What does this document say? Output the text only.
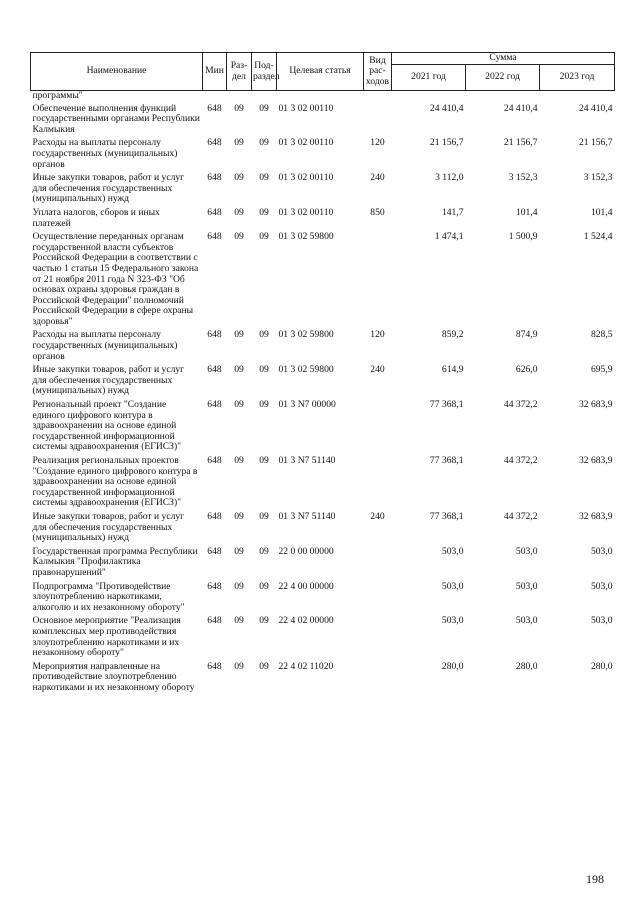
Наименование	Мин	Раз-дел	Под-раздел	Целевая статья	Вид рас-ходов	Сумма		
						2021 год	2022 год	2023 год
программы"								
Обеспечение выполнения функций государственными органами Республики Калмыкия	648	09	09	01 3 02 00110		24 410,4	24 410,4	24 410,4
Расходы на выплаты персоналу государственных (муниципальных) органов	648	09	09	01 3 02 00110	120	21 156,7	21 156,7	21 156,7
Иные закупки товаров, работ и услуг для обеспечения государственных (муниципальных) нужд	648	09	09	01 3 02 00110	240	3 112,0	3 152,3	3 152,3
Уплата налогов, сборов и иных платежей	648	09	09	01 3 02 00110	850	141,7	101,4	101,4
Осуществление переданных органам государственной власти субъектов Российской Федерации в соответствии с частью 1 статьи 15 Федерального закона от 21 ноября 2011 года N 323-ФЗ "Об основах охраны здоровья граждан в Российской Федерации" полномочий Российской Федерации в сфере охраны здоровья"	648	09	09	01 3 02 59800		1 474,1	1 500,9	1 524,4
Расходы на выплаты персоналу государственных (муниципальных) органов	648	09	09	01 3 02 59800	120	859,2	874,9	828,5
Иные закупки товаров, работ и услуг для обеспечения государственных (муниципальных) нужд	648	09	09	01 3 02 59800	240	614,9	626,0	695,9
Региональный проект "Создание единого цифрового контура в здравоохранении на основе единой государственной информационной системы здравоохранения (ЕГИСЗ)"	648	09	09	01 3 N7 00000		77 368,1	44 372,2	32 683,9
Реализация региональных проектов "Создание единого цифрового контура в здравоохранении на основе единой государственной информационной системы здравоохранения (ЕГИСЗ)"	648	09	09	01 3 N7 51140		77 368,1	44 372,2	32 683,9
Иные закупки товаров, работ и услуг для обеспечения государственных (муниципальных) нужд	648	09	09	01 3 N7 51140	240	77 368,1	44 372,2	32 683,9
Государственная программа Республики Калмыкия "Профилактика правонарушений"	648	09	09	22 0 00 00000		503,0	503,0	503,0
Подпрограмма "Противодействие злоупотреблению наркотиками, алкоголю и их незаконному обороту"	648	09	09	22 4 00 00000		503,0	503,0	503,0
Основное мероприятие "Реализация комплексных мер противодействия злоупотреблению наркотиками и их незаконному обороту"	648	09	09	22 4 02 00000		503,0	503,0	503,0
Мероприятия направленные на противодействие злоупотреблению наркотиками и их незаконному обороту	648	09	09	22 4 02 11020		280,0	280,0	280,0
198
